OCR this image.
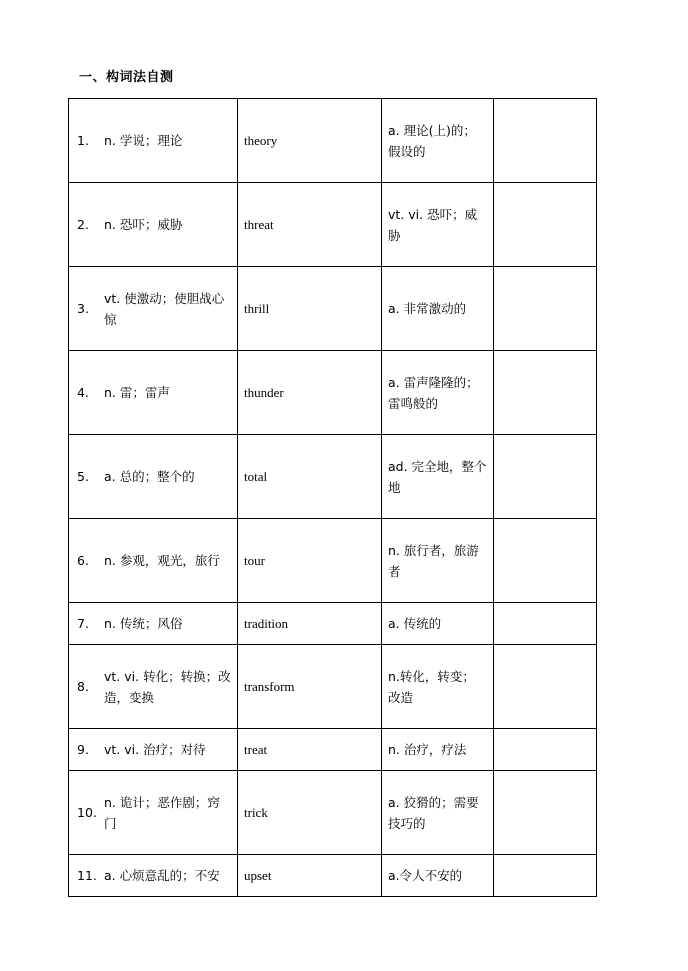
一、构词法自测
1. n. 学说；理论	theory	a. 理论(上)的；假设的	

2. n. 恐吓；威胁	threat	vt. vi. 恐吓；威胁	

3.
vt. 使激动；使胆战心惊	thrill	a. 非常激动的	

4. n. 雷；雷声	thunder	a. 雷声隆隆的；雷鸣般的	

5. a. 总的；整个的	total	ad. 完全地，整个地	

6. n. 参观，观光，旅行	tour	n. 旅行者，旅游者	

7. n. 传统；风俗	tradition	a. 传统的	

8.
vt. vi. 转化；转换；改造，变换	transform	n.转化，转变；改造	

9. vt. vi. 治疗；对待	treat	n. 治疗，疗法	

10.
n. 诡计；恶作剧；窍门	trick	a. 狡猾的；需要技巧的	

11. a. 心烦意乱的；不安	upset	a.令人不安的	
